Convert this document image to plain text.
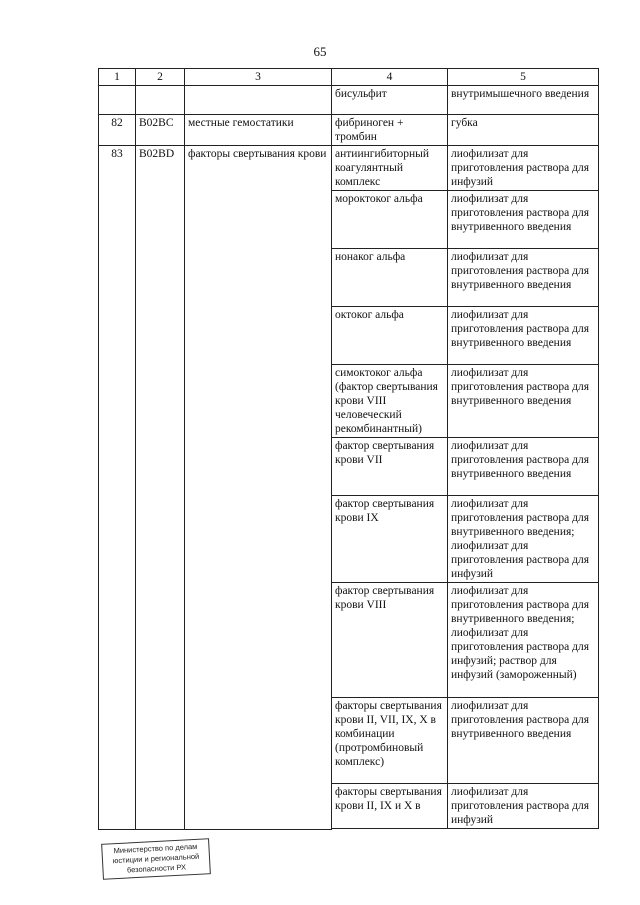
65
1	2	3	4	5
			бисульфит	внутримышечного введения
82	B02BC	местные гемостатики	фибриноген + тромбин	губка
83	B02BD	факторы свертывания крови	антиингибиторный коагулянтный комплекс	лиофилизат для приготовления раствора для инфузий
			мороктоког альфа	лиофилизат для приготовления раствора для внутривенного введения
			нонаког альфа	лиофилизат для приготовления раствора для внутривенного введения
			октоког альфа	лиофилизат для приготовления раствора для внутривенного введения
			симоктоког альфа (фактор свертывания крови VIII человеческий рекомбинантный)	лиофилизат для приготовления раствора для внутривенного введения
			фактор свертывания крови VII	лиофилизат для приготовления раствора для внутривенного введения
			фактор свертывания крови IX	лиофилизат для приготовления раствора для внутривенного введения; лиофилизат для приготовления раствора для инфузий
			фактор свертывания крови VIII	лиофилизат для приготовления раствора для внутривенного введения; лиофилизат для приготовления раствора для инфузий; раствор для инфузий (замороженный)
			факторы свертывания крови II, VII, IX, X в комбинации (протромбиновый комплекс)	лиофилизат для приготовления раствора для внутривенного введения
			факторы свертывания крови II, IX и X в	лиофилизат для приготовления раствора для инфузий

Министерство по делам
юстиции и региональной
безопасности РХ
